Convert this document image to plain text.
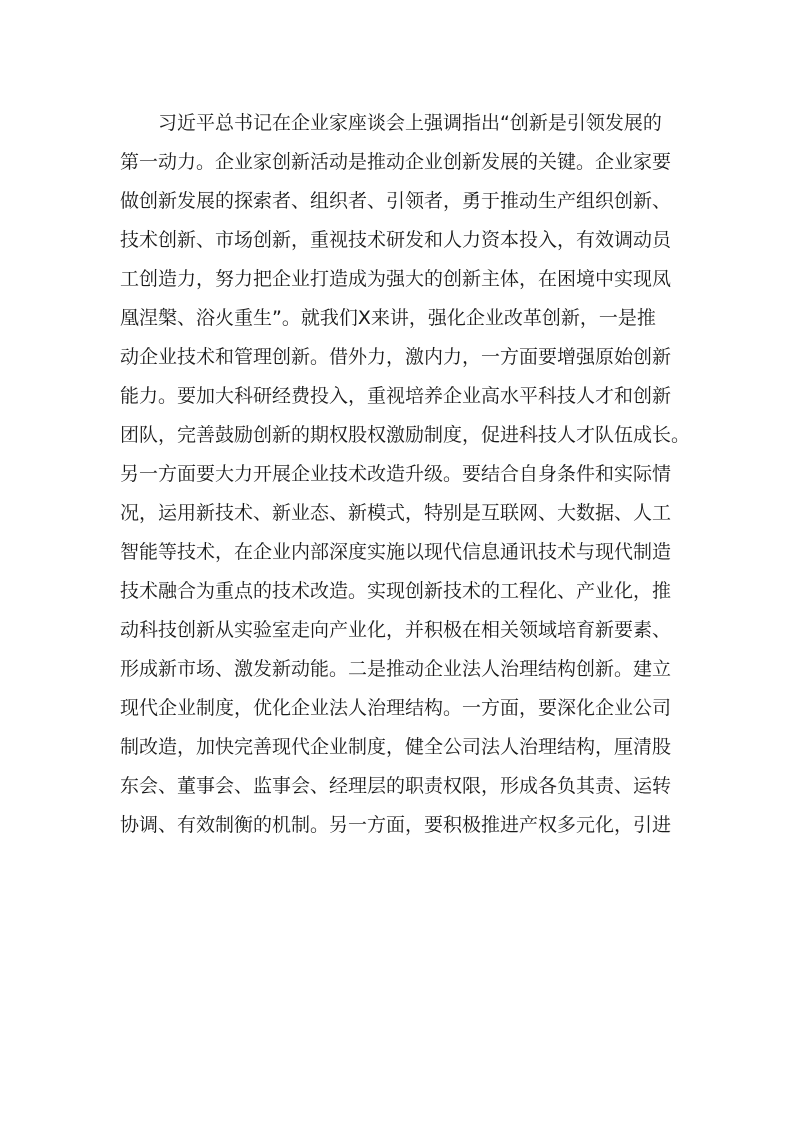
习近平总书记在企业家座谈会上强调指出“创新是引领发展的
第一动力。企业家创新活动是推动企业创新发展的关键。企业家要
做创新发展的探索者、组织者、引领者，勇于推动生产组织创新、
技术创新、市场创新，重视技术研发和人力资本投入，有效调动员
工创造力，努力把企业打造成为强大的创新主体，在困境中实现凤
凰涅槃、浴火重生”。就我们X来讲，强化企业改革创新，一是推
动企业技术和管理创新。借外力，激内力，一方面要增强原始创新
能力。要加大科研经费投入，重视培养企业高水平科技人才和创新
团队，完善鼓励创新的期权股权激励制度，促进科技人才队伍成长。
另一方面要大力开展企业技术改造升级。要结合自身条件和实际情
况，运用新技术、新业态、新模式，特别是互联网、大数据、人工
智能等技术，在企业内部深度实施以现代信息通讯技术与现代制造
技术融合为重点的技术改造。实现创新技术的工程化、产业化，推
动科技创新从实验室走向产业化，并积极在相关领域培育新要素、
形成新市场、激发新动能。二是推动企业法人治理结构创新。建立
现代企业制度，优化企业法人治理结构。一方面，要深化企业公司
制改造，加快完善现代企业制度，健全公司法人治理结构，厘清股
东会、董事会、监事会、经理层的职责权限，形成各负其责、运转
协调、有效制衡的机制。另一方面，要积极推进产权多元化，引进
